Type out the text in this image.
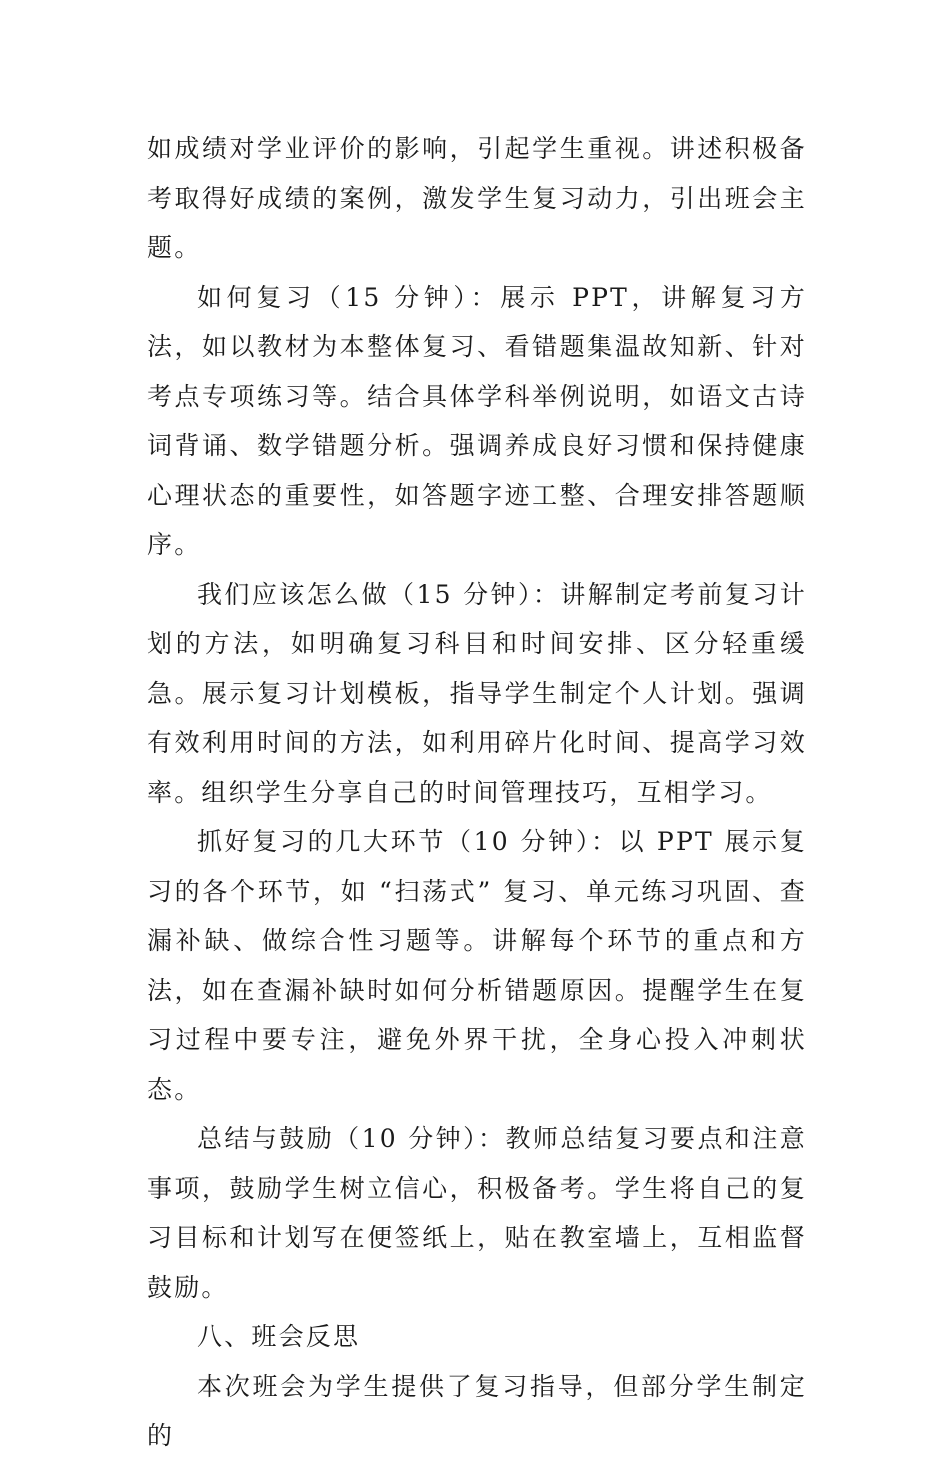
如成绩对学业评价的影响，引起学生重视。讲述积极备考取得好成绩的案例，激发学生复习动力，引出班会主题。

如何复习（15 分钟）：展示 PPT，讲解复习方法，如以教材为本整体复习、看错题集温故知新、针对考点专项练习等。结合具体学科举例说明，如语文古诗词背诵、数学错题分析。强调养成良好习惯和保持健康心理状态的重要性，如答题字迹工整、合理安排答题顺序。

我们应该怎么做（15 分钟）：讲解制定考前复习计划的方法，如明确复习科目和时间安排、区分轻重缓急。展示复习计划模板，指导学生制定个人计划。强调有效利用时间的方法，如利用碎片化时间、提高学习效率。组织学生分享自己的时间管理技巧，互相学习。

抓好复习的几大环节（10 分钟）：以 PPT 展示复习的各个环节，如 “扫荡式” 复习、单元练习巩固、查漏补缺、做综合性习题等。讲解每个环节的重点和方法，如在查漏补缺时如何分析错题原因。提醒学生在复习过程中要专注，避免外界干扰，全身心投入冲刺状态。

总结与鼓励（10 分钟）：教师总结复习要点和注意事项，鼓励学生树立信心，积极备考。学生将自己的复习目标和计划写在便签纸上，贴在教室墙上，互相监督鼓励。

八、班会反思

本次班会为学生提供了复习指导，但部分学生制定的
